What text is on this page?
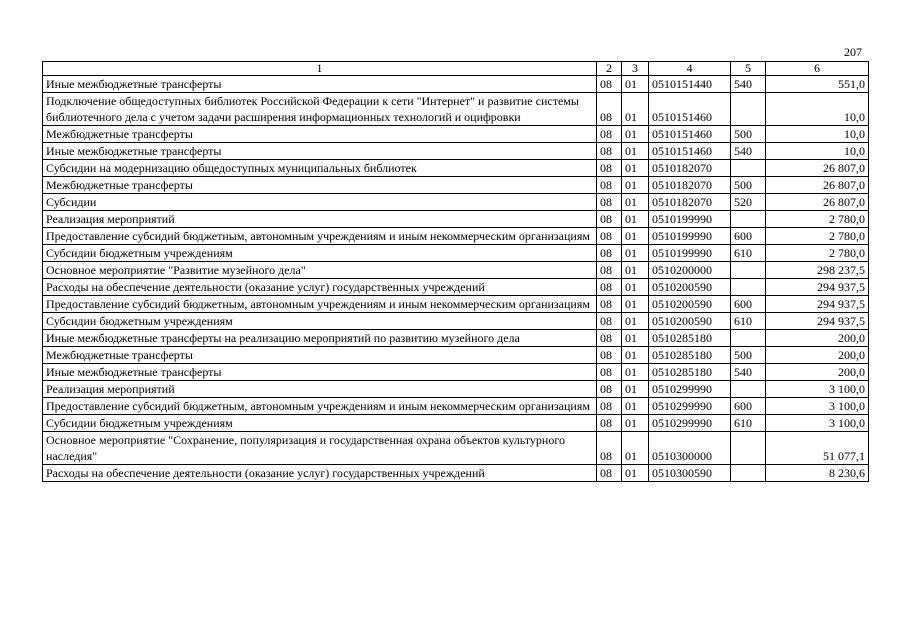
207
1	2	3	4	5	6
Иные межбюджетные трансферты	08	01	0510151440	540	551,0
Подключение общедоступных библиотек Российской Федерации к сети "Интернет" и развитие системы библиотечного дела с учетом задачи расширения информационных технологий и оцифровки	08	01	0510151460		10,0
Межбюджетные трансферты	08	01	0510151460	500	10,0
Иные межбюджетные трансферты	08	01	0510151460	540	10,0
Субсидии на модернизацию общедоступных муниципальных библиотек	08	01	0510182070		26 807,0
Межбюджетные трансферты	08	01	0510182070	500	26 807,0
Субсидии	08	01	0510182070	520	26 807,0
Реализация мероприятий	08	01	0510199990		2 780,0
Предоставление субсидий бюджетным, автономным учреждениям и иным некоммерческим организациям	08	01	0510199990	600	2 780,0
Субсидии бюджетным учреждениям	08	01	0510199990	610	2 780,0
Основное мероприятие "Развитие музейного дела"	08	01	0510200000		298 237,5
Расходы на обеспечение деятельности (оказание услуг) государственных учреждений	08	01	0510200590		294 937,5
Предоставление субсидий бюджетным, автономным учреждениям и иным некоммерческим организациям	08	01	0510200590	600	294 937,5
Субсидии бюджетным учреждениям	08	01	0510200590	610	294 937,5
Иные межбюджетные трансферты на реализацию мероприятий по развитию музейного дела	08	01	0510285180		200,0
Межбюджетные трансферты	08	01	0510285180	500	200,0
Иные межбюджетные трансферты	08	01	0510285180	540	200,0
Реализация мероприятий	08	01	0510299990		3 100,0
Предоставление субсидий бюджетным, автономным учреждениям и иным некоммерческим организациям	08	01	0510299990	600	3 100,0
Субсидии бюджетным учреждениям	08	01	0510299990	610	3 100,0
Основное мероприятие "Сохранение, популяризация и государственная охрана объектов культурного наследия"	08	01	0510300000		51 077,1
Расходы на обеспечение деятельности (оказание услуг) государственных учреждений	08	01	0510300590		8 230,6
